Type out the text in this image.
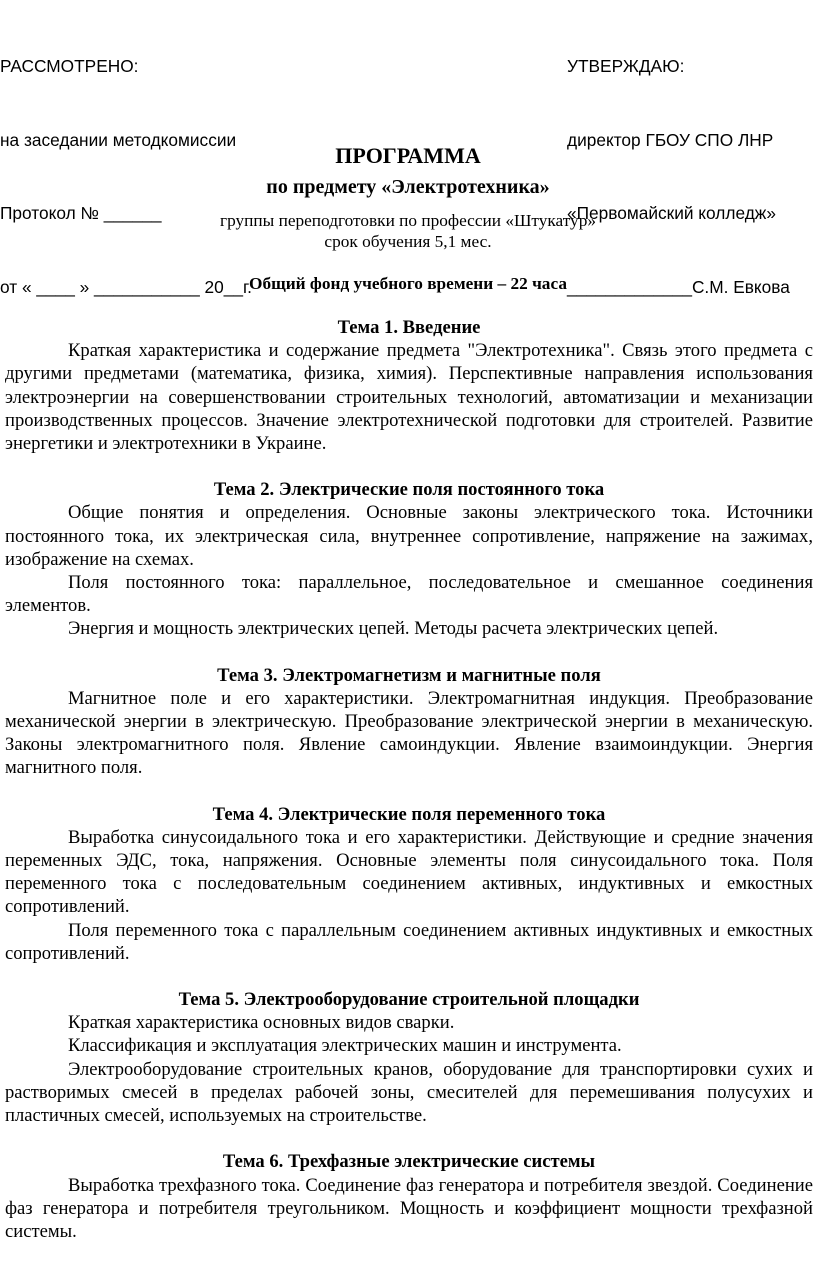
РАССМОТРЕНО:

на заседании методкомиссии

Протокол № ______

от « ____ » ___________ 20__г.

УТВЕРЖДАЮ:

директор ГБОУ СПО ЛНР

«Первомайский колледж»

_____________С.М. Евкова

ПРОГРАММА
по предмету «Электротехника»
группы переподготовки по профессии «Штукатур»
срок обучения 5,1 мес.
Общий фонд учебного времени – 22 часа

Тема 1. Введение

Краткая характеристика и содержание предмета "Электротехника". Связь этого предмета с другими предметами (математика, физика, химия). Перспективные направления использования электроэнергии на совершенствовании строительных технологий, автоматизации и механизации производственных процессов. Значение электротехнической подготовки для строителей. Развитие энергетики и электротехники в Украине.

Тема 2. Электрические поля постоянного тока

Общие понятия и определения. Основные законы электрического тока. Источники постоянного тока, их электрическая сила, внутреннее сопротивление, напряжение на зажимах, изображение на схемах.

Поля постоянного тока: параллельное, последовательное и смешанное соединения элементов.

Энергия и мощность электрических цепей. Методы расчета электрических цепей.

Тема 3. Электромагнетизм и магнитные поля

Магнитное поле и его характеристики. Электромагнитная индукция. Преобразование механической энергии в электрическую. Преобразование электрической энергии в механическую. Законы электромагнитного поля. Явление самоиндукции. Явление взаимоиндукции. Энергия магнитного поля.

Тема 4. Электрические поля переменного тока

Выработка синусоидального тока и его характеристики. Действующие и средние значения переменных ЭДС, тока, напряжения. Основные элементы поля синусоидального тока. Поля переменного тока с последовательным соединением активных, индуктивных и емкостных сопротивлений.

Поля переменного тока с параллельным соединением активных индуктивных и емкостных сопротивлений.

Тема 5. Электрооборудование строительной площадки

Краткая характеристика основных видов сварки.

Классификация и эксплуатация электрических машин и инструмента.

Электрооборудование строительных кранов, оборудование для транспортировки сухих и растворимых смесей в пределах рабочей зоны, смесителей для перемешивания полусухих и пластичных смесей, используемых на строительстве.

Тема 6. Трехфазные электрические системы

Выработка трехфазного тока. Соединение фаз генератора и потребителя звездой. Соединение фаз генератора и потребителя треугольником. Мощность и коэффициент мощности трехфазной системы.
